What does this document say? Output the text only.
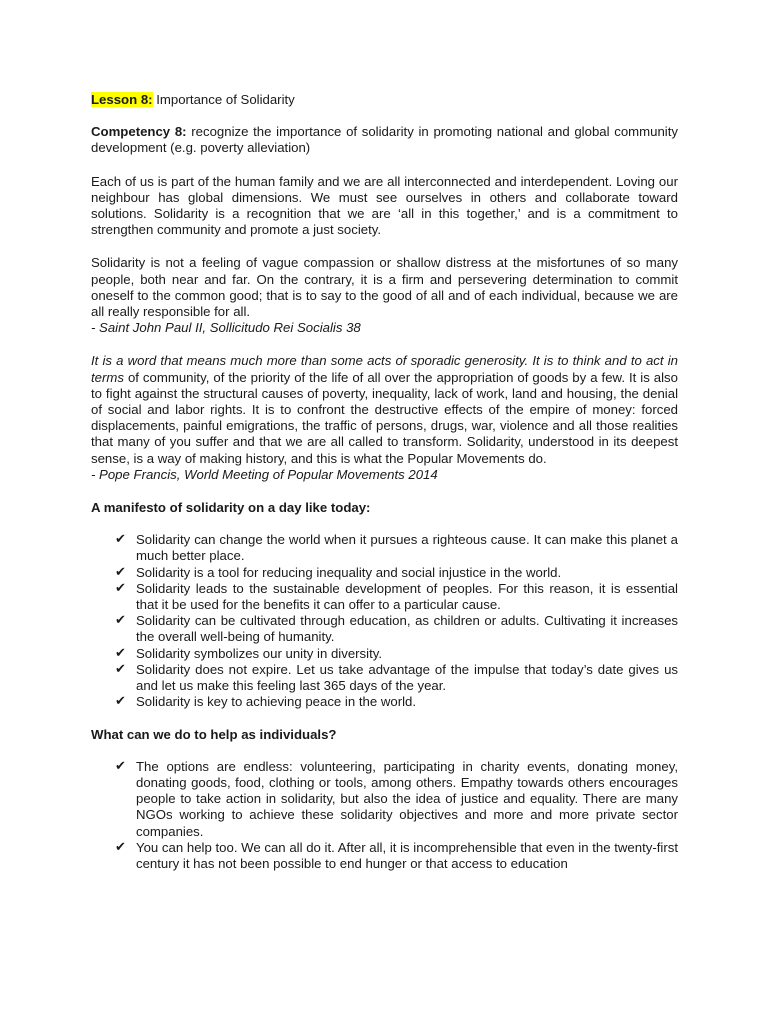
Lesson 8: Importance of Solidarity

Competency 8: recognize the importance of solidarity in promoting national and global community development (e.g. poverty alleviation)

Each of us is part of the human family and we are all interconnected and interdependent. Loving our neighbour has global dimensions. We must see ourselves in others and collaborate toward solutions. Solidarity is a recognition that we are ‘all in this together,’ and is a commitment to strengthen community and promote a just society.

Solidarity is not a feeling of vague compassion or shallow distress at the misfortunes of so many people, both near and far. On the contrary, it is a firm and persevering determination to commit oneself to the common good; that is to say to the good of all and of each individual, because we are all really responsible for all.

- Saint John Paul II, Sollicitudo Rei Socialis 38

It is a word that means much more than some acts of sporadic generosity. It is to think and to act in terms of community, of the priority of the life of all over the appropriation of goods by a few. It is also to fight against the structural causes of poverty, inequality, lack of work, land and housing, the denial of social and labor rights. It is to confront the destructive effects of the empire of money: forced displacements, painful emigrations, the traffic of persons, drugs, war, violence and all those realities that many of you suffer and that we are all called to transform. Solidarity, understood in its deepest sense, is a way of making history, and this is what the Popular Movements do.

- Pope Francis, World Meeting of Popular Movements 2014

A manifesto of solidarity on a day like today:

✔ Solidarity can change the world when it pursues a righteous cause. It can make this planet a much better place.
✔ Solidarity is a tool for reducing inequality and social injustice in the world.
✔ Solidarity leads to the sustainable development of peoples. For this reason, it is essential that it be used for the benefits it can offer to a particular cause.
✔ Solidarity can be cultivated through education, as children or adults. Cultivating it increases the overall well-being of humanity.
✔ Solidarity symbolizes our unity in diversity.
✔ Solidarity does not expire. Let us take advantage of the impulse that today’s date gives us and let us make this feeling last 365 days of the year.
✔ Solidarity is key to achieving peace in the world.

What can we do to help as individuals?

✔ The options are endless: volunteering, participating in charity events, donating money, donating goods, food, clothing or tools, among others. Empathy towards others encourages people to take action in solidarity, but also the idea of justice and equality. There are many NGOs working to achieve these solidarity objectives and more and more private sector companies.
✔ You can help too. We can all do it. After all, it is incomprehensible that even in the twenty-first century it has not been possible to end hunger or that access to education
